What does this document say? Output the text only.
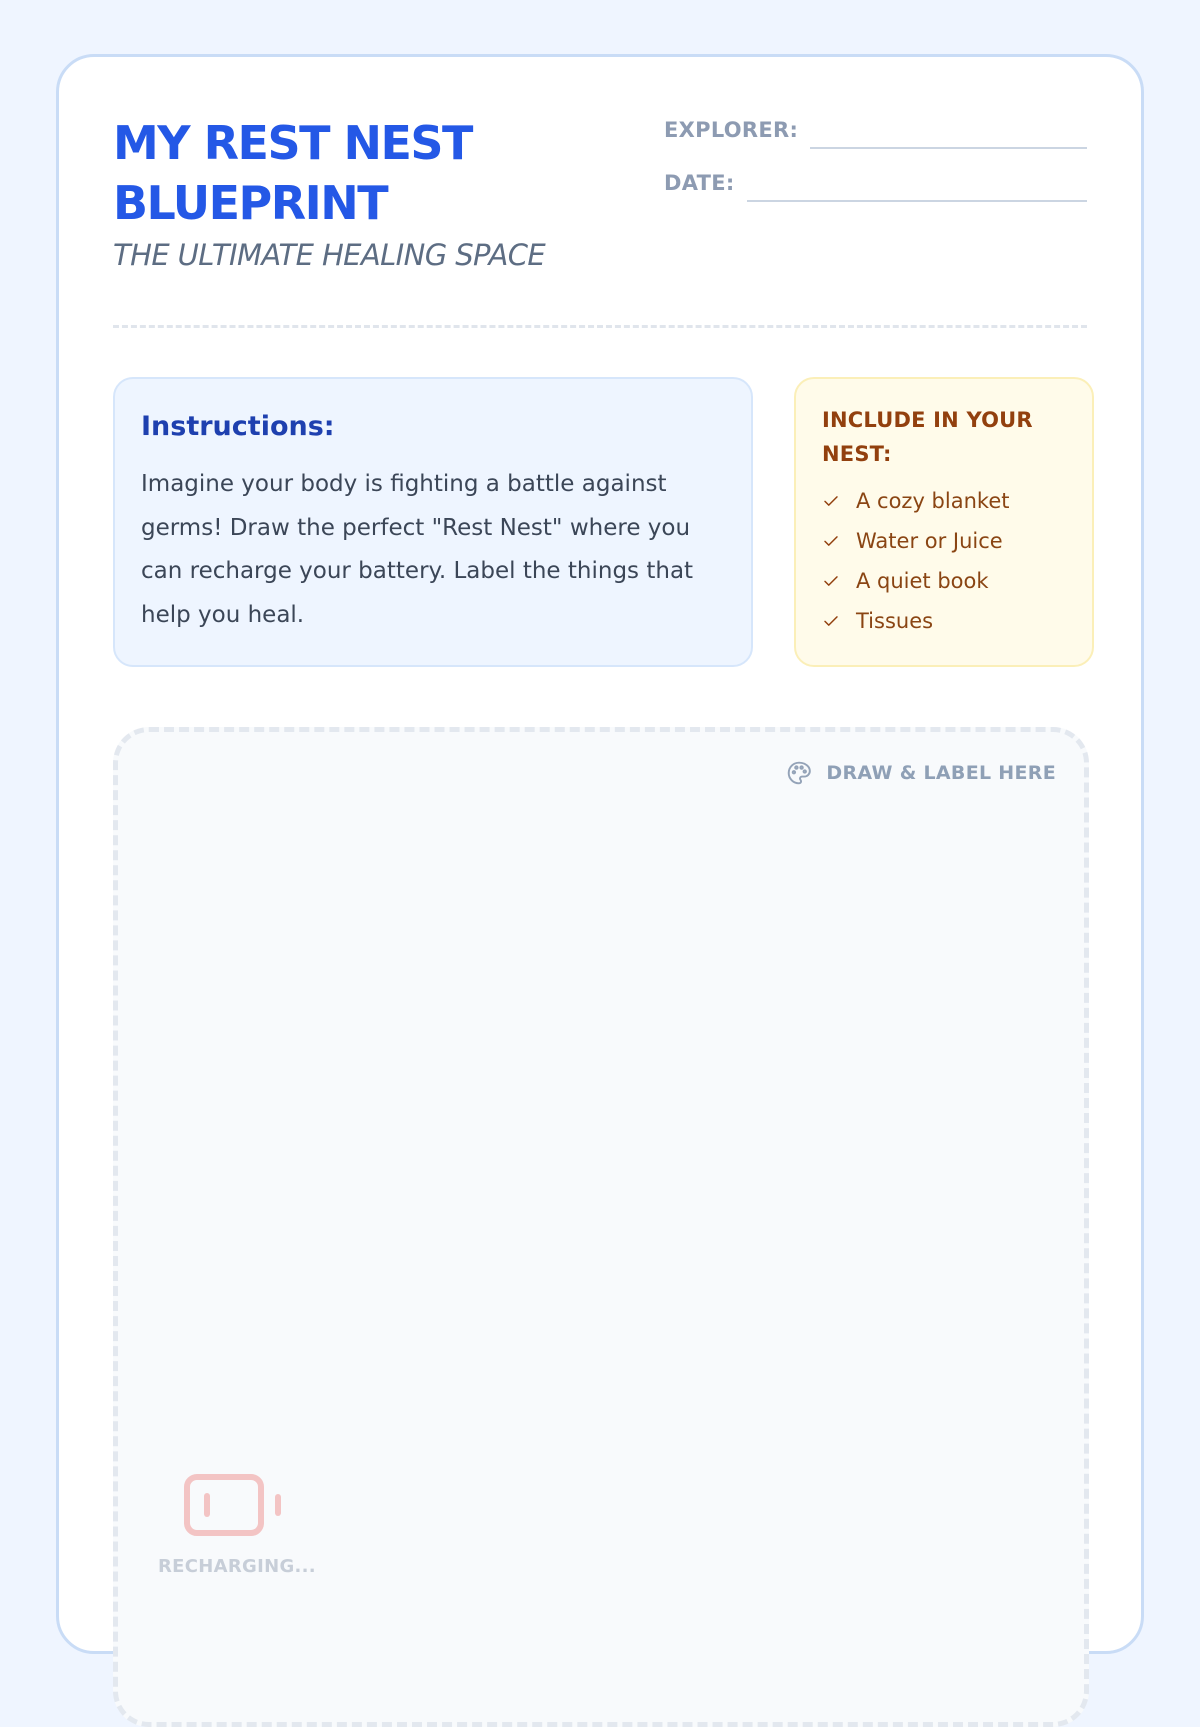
MY REST NEST BLUEPRINT
THE ULTIMATE HEALING SPACE
EXPLORER:
DATE:
Instructions:

Imagine your body is fighting a battle against germs! Draw the perfect "Rest Nest" where you can recharge your battery. Label the things that help you heal.

INCLUDE IN YOUR NEST:
A cozy blanket
Water or Juice
A quiet book
Tissues
DRAW & LABEL HERE
RECHARGING...
